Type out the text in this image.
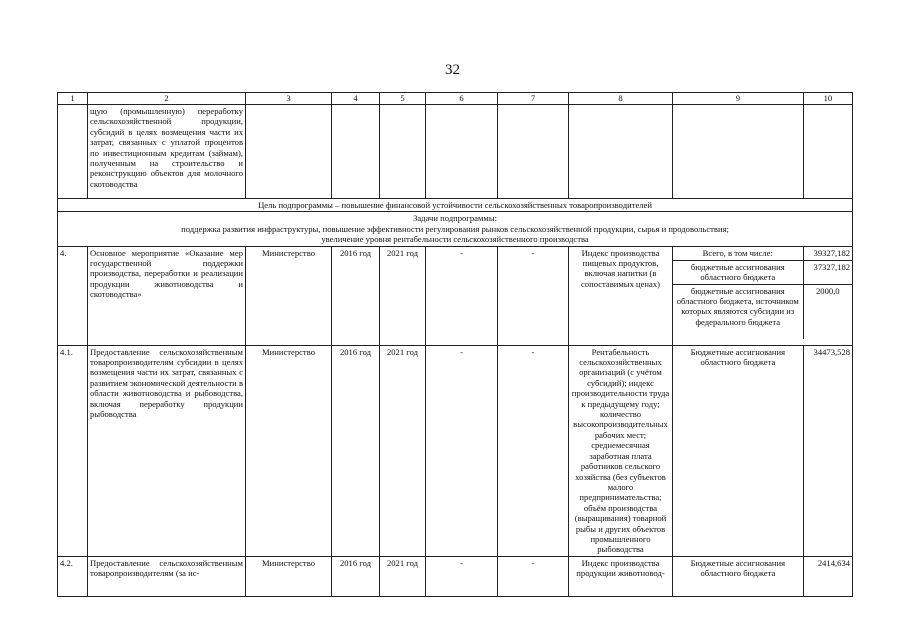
32
1	2	3	4	5	6	7	8	9	10
	щую (промышленную) переработку сельскохозяйственной продукции, субсидий в целях возмещения части их затрат, связанных с уплатой процентов по инвестиционным кредитам (займам), полученным на строительство и реконструкцию объектов для молочного скотоводства								
Цель подпрограммы – повышение финансовой устойчивости сельскохозяйственных товаропроизводителей

Задачи подпрограммы:
поддержка развития инфраструктуры, повышение эффективности регулирования рынков сельскохозяйственной продукции, сырья и продовольствия;
увеличение уровня рентабельности сельскохозяйственного производства

4.	Основное мероприятие «Оказание мер государственной поддержки производства, переработки и реализации продукции животноводства и скотоводства»	Министерство	2016 год	2021 год	-	-	Индекс производства пищевых продуктов, включая напитки (в сопоставимых ценах)	
Всего, в том числе:	39327,182
бюджетные ассигнования областного бюджета	37327,182
бюджетные ассигнования областного бюджета, источником которых являются субсидии из федерального бюджета	2000,0

4.1.	Предоставление сельскохозяйственным товаропроизводителям субсидии в целях возмещения части их затрат, связанных с развитием экономической деятельности в области животноводства и рыбоводства, включая переработку продукции рыбоводства	Министерство	2016 год	2021 год	-	-	Рентабельность сельскохозяйственных организаций (с учётом субсидий); индекс производительности труда к предыдущему году; количество высокопроизводительных рабочих мест; среднемесячная заработная плата работников сельского хозяйства (без субъектов малого предпринимательства; объём производства (выращивания) товарной рыбы и других объектов промышленного рыбоводства	Бюджетные ассигнования областного бюджета	34473,528
4.2.	Предоставление сельскохозяйственным товаропроизводителям (за ис-	Министерство	2016 год	2021 год	-	-	Индекс производства продукции животновод-	Бюджетные ассигнования областного бюджета	2414,634
